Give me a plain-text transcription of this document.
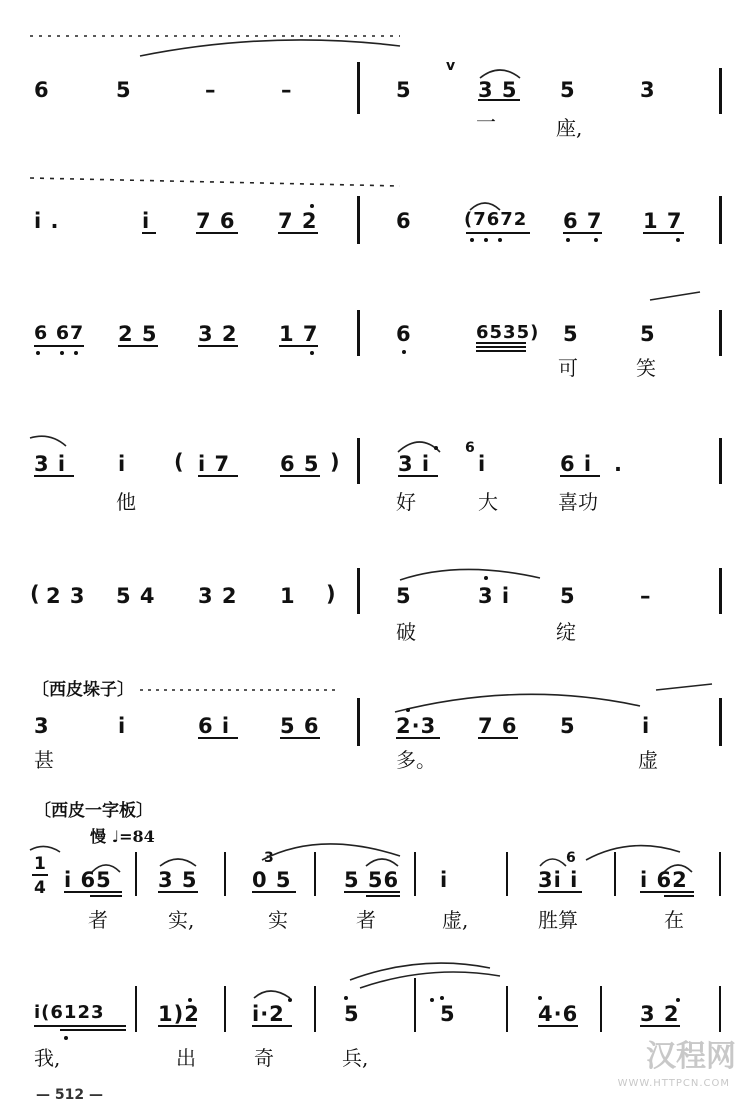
6	5	–	–	5
v
3 5 5	3
一	座,
i .	i 7 6 7 2	6	(7672 6 7 1 7
6 67 2 5 3 2 1 7	6	6535) 5	5
可	笑
3 i i ( i 7 6 5 )	3 i
6
i	6 i .
他	好	大	喜功
( 2 3 5 4 3 2 1 )	5	3 i 5	–
破	绽
〔西皮垛子〕
3	i	6 i 5 6	2·3 7 6 5	i
甚	多。	虚
〔西皮一字板〕
慢 ♩=84
1
4 i 65 3 5
3
0 5 5 56 i
6
3i i	i 62
者	实,	实	者	虚,	胜算	在
i(6123	1)2 i·2	5	5	4·6	3 2
我,	出	奇	兵,	汉程网
WWW.HTTPCN.COM
— 512 —
